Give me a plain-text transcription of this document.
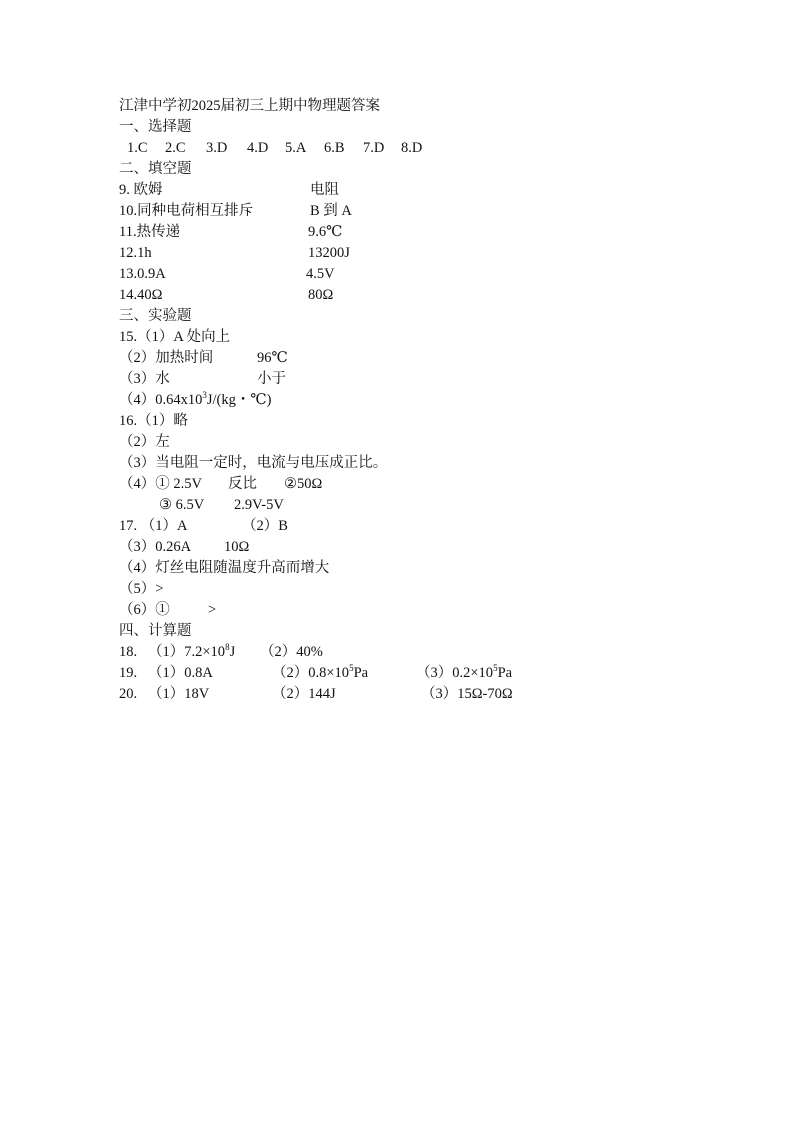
江津中学初2025届初三上期中物理题答案
一、选择题
1.C 2.C 3.D 4.D 5.A 6.B 7.D 8.D
二、填空题
9. 欧姆	电阻
10.同种电荷相互排斥	B 到 A
11.热传递	9.6℃
12.1h	13200J
13.0.9A	4.5V
14.40Ω	80Ω
三、实验题
15.（1）A 处向上
（2）加热时间	96℃
（3）水	小于
$(4)0.64x10^3J/(kg$・℃)
16.（1）略
（2）左
（3）当电阻一定时，电流与电压成正比。
（4）① 2.5V 反比 ②50Ω
③ 6.5V 2.9V-5V
17. （1）A	（2）B
（3）0.26A 10Ω
（4）灯丝电阻随温度升高而增大
（5）>
（6）①	>
四、计算题
18. $(1)7.2\times 10^8J$ （2）40%
19. （1）0.8A	$(2)0.8\times 10^5Pa$	$(3)0.2\times 10^5Pa$
20. （1）18V	（2）144J	（3）15Ω-70Ω
